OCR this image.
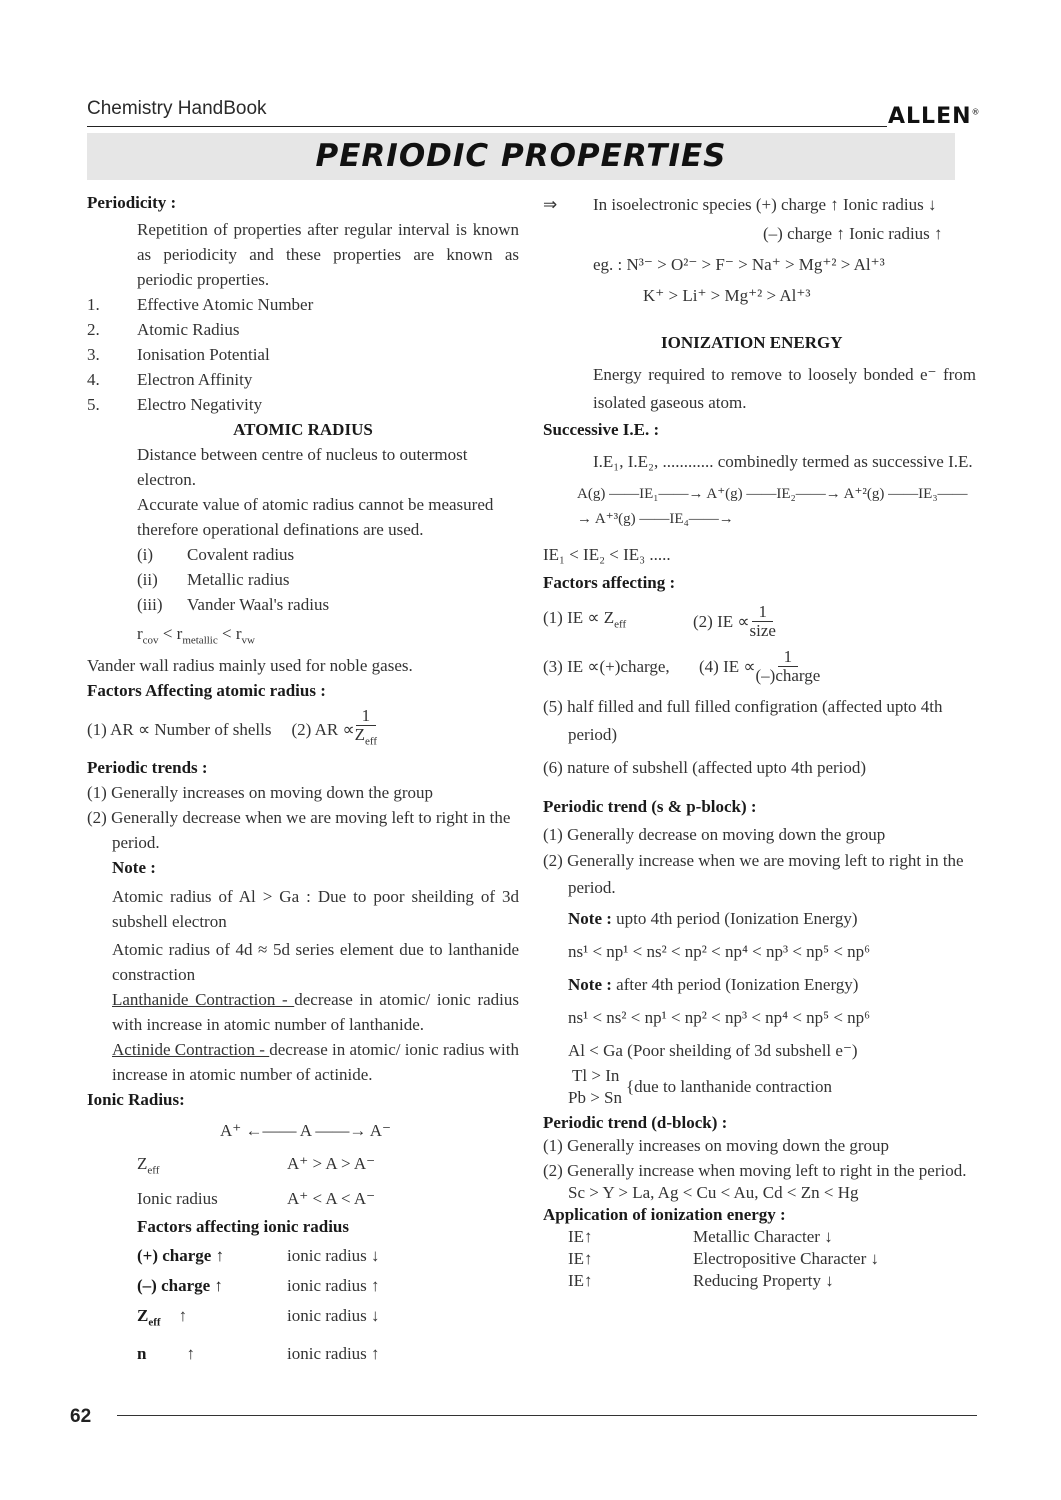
Chemistry HandBook	ALLEN®
PERIODIC PROPERTIES

Periodicity :

Repetition of properties after regular interval is known as periodicity and these properties are known as periodic properties.

1.	Effective Atomic Number
2.	Atomic Radius
3.	Ionisation Potential
4.	Electron Affinity
5.	Electro Negativity

ATOMIC RADIUS

Distance between centre of nucleus to outermost electron.

Accurate value of atomic radius cannot be measured therefore operational definations are used.

(i)	Covalent radius
(ii)	Metallic radius
(iii)	Vander Waal's radius

$r_{cov} < r_{metallic} < r_{vw}$

Vander wall radius mainly used for noble gases.

Factors Affecting atomic radius :

(1) AR ∝ Number of shells (2) AR ∝ $\frac{1}{Z_{eff}}$

Periodic trends :

(1) Generally increases on moving down the group

(2) Generally decrease when we are moving left to right in the period.

Note :

Atomic radius of Al > Ga : Due to poor sheilding of 3d subshell electron

Atomic radius of 4d ≈ 5d series element due to lanthanide constraction

Lanthanide Contraction - decrease in atomic/ ionic radius with increase in atomic number of lanthanide.

Actinide Contraction - decrease in atomic/ ionic radius with increase in atomic number of actinide.

Ionic Radius:

A⁺ ←—— A ——→ A⁻

$Z_{eff}$	A⁺ > A > A⁻
Ionic radius	A⁺ < A < A⁻

Factors affecting ionic radius

(+) charge ↑	ionic radius ↓
(–) charge ↑	ionic radius ↑
$Z_{eff}$ ↑	ionic radius ↓
n ↑	ionic radius ↑
⇒	In isoelectronic species (+) charge ↑ Ionic radius ↓

(–) charge ↑ Ionic radius ↑

eg. : N³⁻ > O²⁻ > F⁻ > Na⁺ > Mg⁺² > Al⁺³

K⁺ > Li⁺ > Mg⁺² > Al⁺³

IONIZATION ENERGY

Energy required to remove to loosely bonded e⁻ from isolated gaseous atom.

Successive I.E. :

I.E₁, I.E₂, ............ combinedly termed as successive I.E.

A(g) ——IE₁——→ A⁺(g) ——IE₂——→ A⁺²(g) ——IE₃——→ A⁺³(g) ——IE₄——→

IE₁ < IE₂ < IE₃ .....

Factors affecting :

(1) IE ∝ $Z_{eff}$	(2) IE ∝ $\frac{1}{\text{size}}$
(3) IE ∝(+)charge,	(4) IE ∝ $\frac{1}{\text{(–)charge}}$

(5) half filled and full filled configration (affected upto 4th period)

(6) nature of subshell (affected upto 4th period)

Periodic trend (s & p-block) :

(1) Generally decrease on moving down the group

(2) Generally increase when we are moving left to right in the period.

Note : upto 4th period (Ionization Energy)

ns¹ < np¹ < ns² < np² < np⁴ < np³ < np⁵ < np⁶

Note : after 4th period (Ionization Energy)

ns¹ < ns² < np¹ < np² < np³ < np⁴ < np⁵ < np⁶

Al < Ga (Poor sheilding of 3d subshell e⁻)

Tl > In

Pb > Sn

{due to lanthanide contraction

Periodic trend (d-block) :

(1) Generally increases on moving down the group

(2) Generally increase when moving left to right in the period.

Sc > Y > La, Ag < Cu < Au, Cd < Zn < Hg

Application of ionization energy :

IE↑	Metallic Character ↓
IE↑	Electropositive Character ↓
IE↑	Reducing Property ↓
62
